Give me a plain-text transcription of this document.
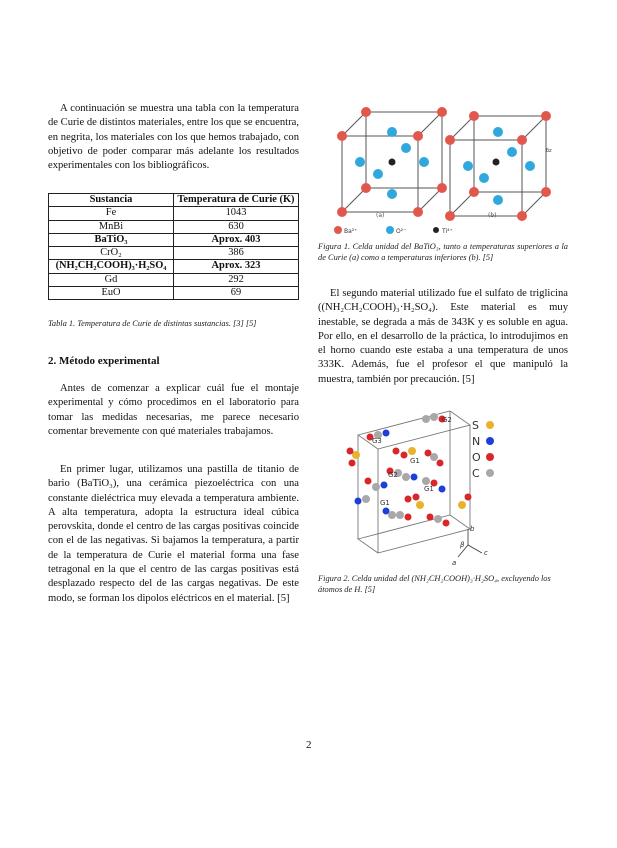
A continuación se muestra una tabla con la temperatura de Curie de distintos materiales, entre los que se encuentra, en negrita, los materiales con los que hemos trabajado, con objetivo de poder comparar más adelante los resultados experimentales con los bibliográficos.

Sustancia	Temperatura de Curie (K)
Fe	1043
MnBi	630
BaTiO₃	Aprox. 403
CrO₂	386
(NH₂CH₂COOH)₃·H₂SO₄	Aprox. 323
Gd	292
EuO	69

Tabla 1. Temperatura de Curie de distintas sustancias. [3] [5]

2. Método experimental

Antes de comenzar a explicar cuál fue el montaje experimental y cómo procedimos en el laboratorio para tomar las medidas necesarias, me parece necesario comentar brevemente con qué materiales trabajamos.

En primer lugar, utilizamos una pastilla de titanio de bario (BaTiO₃), una cerámica piezoeléctrica con una constante dieléctrica muy elevada a temperatura ambiente. A alta temperatura, adopta la estructura ideal cúbica perovskita, donde el centro de las cargas positivas coincide con el de las negativas. Si bajamos la temperatura, a partir de la temperatura de Curie el material forma una fase tetragonal en la que el centro de las cargas positivas está desplazado respecto del de las cargas negativas. De este modo, se forman los dipolos eléctricos en el material. [5]

δz
(a)	(b)
Ba²⁺	O²⁻	Ti⁴⁺

Figura 1. Celda unidad del BaTiO₃, tanto a temperaturas superiores a la de Curie (a) como a temperaturas inferiores (b). [5]

El segundo material utilizado fue el sulfato de triglicina ((NH₂CH₂COOH)₃·H₂SO₄). Este material es muy inestable, se degrada a más de 343K y es soluble en agua. Por ello, en el desarrollo de la práctica, lo introdujimos en el horno cuando este estaba a una temperatura de unos 333K. Además, fue el profesor el que manipuló la muestra, también por precaución. [5]

G2
G3
G1
G2
G1
G1
S
N
O
C
b
a
c
β

Figura 2. Celda unidad del (NH₂CH₂COOH)₃·H₂SO₄, excluyendo los átomos de H. [5]

2
